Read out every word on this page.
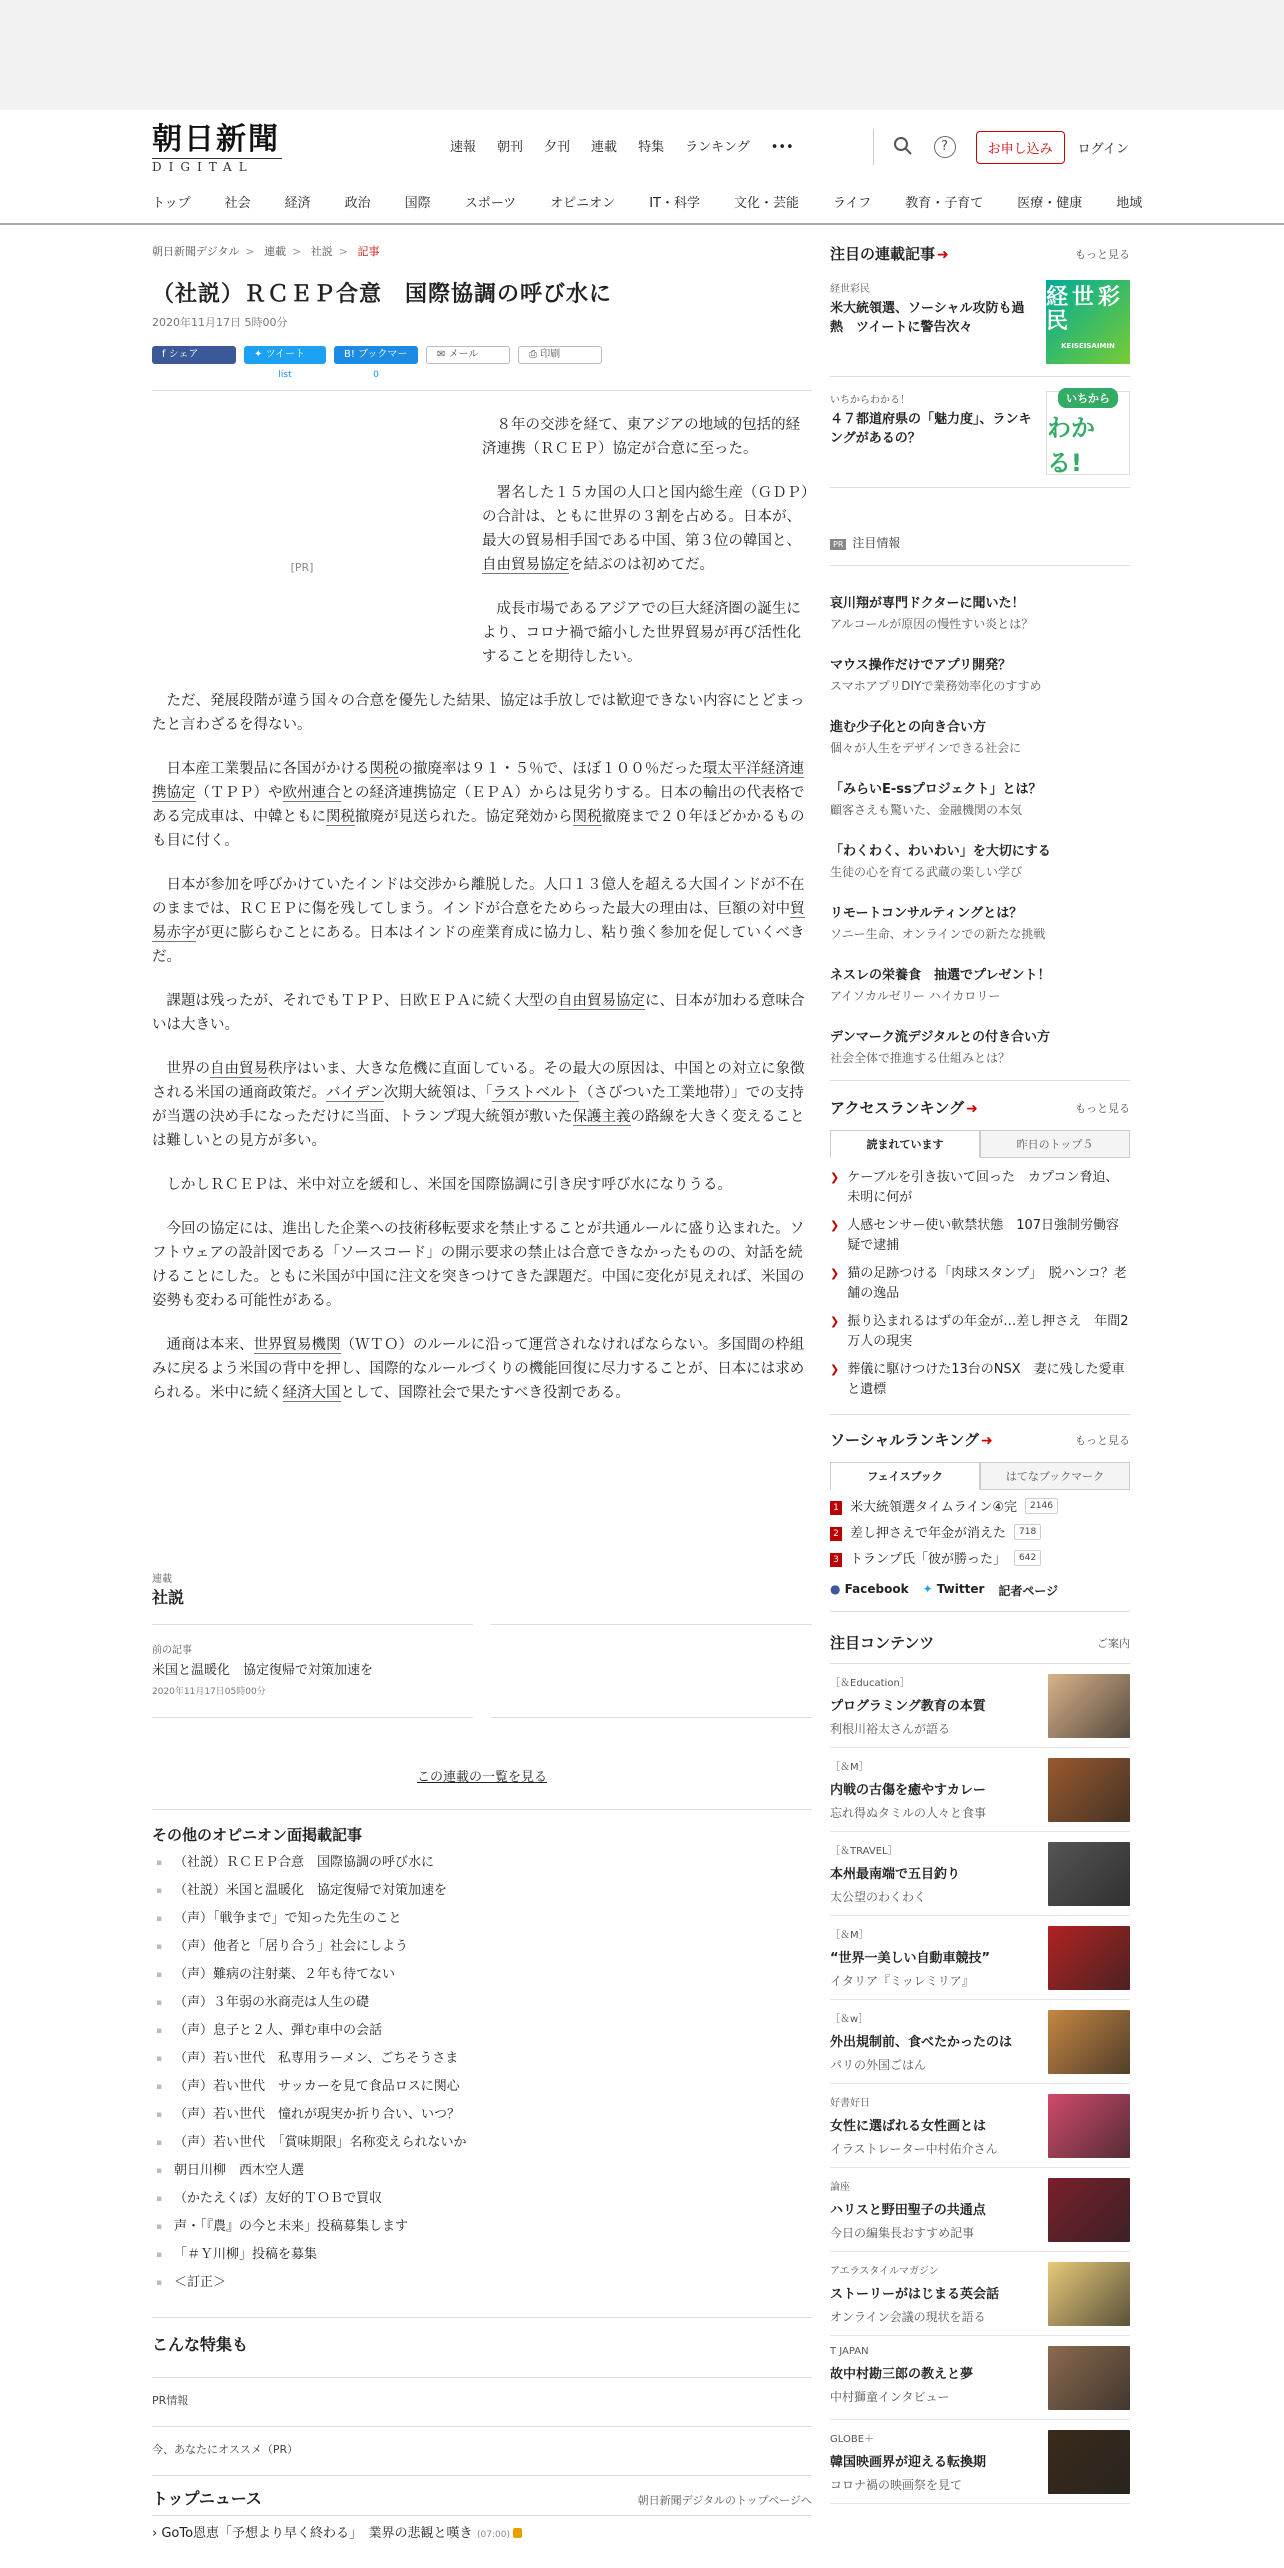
朝日新聞
DIGITAL
速報 朝刊 夕刊 連載 特集 ランキング •••	?	お申し込み	ログイン
トップ	社会	経済	政治	国際	スポーツ	オピニオン	IT・科学	文化・芸能	ライフ	教育・子育て	医療・健康	地域
朝日新聞デジタル > 連載 > 社説 > 記事
（社説）ＲＣＥＰ合意　国際協調の呼び水に
2020年11月17日 5時00分
f シェア	✦ ツイート
list
B! ブックマーク	0
✉ メール	⎙ 印刷
[PR]

８年の交渉を経て、東アジアの地域的包括的経済連携（ＲＣＥＰ）協定が合意に至った。

署名した１５カ国の人口と国内総生産（ＧＤＰ）の合計は、ともに世界の３割を占める。日本が、最大の貿易相手国である中国、第３位の韓国と、自由貿易協定を結ぶのは初めてだ。

成長市場であるアジアでの巨大経済圏の誕生により、コロナ禍で縮小した世界貿易が再び活性化することを期待したい。

ただ、発展段階が違う国々の合意を優先した結果、協定は手放しでは歓迎できない内容にとどまったと言わざるを得ない。

日本産工業製品に各国がかける関税の撤廃率は９１・５％で、ほぼ１００％だった環太平洋経済連携協定（ＴＰＰ）や欧州連合との経済連携協定（ＥＰＡ）からは見劣りする。日本の輸出の代表格である完成車は、中韓ともに関税撤廃が見送られた。協定発効から関税撤廃まで２０年ほどかかるものも目に付く。

日本が参加を呼びかけていたインドは交渉から離脱した。人口１３億人を超える大国インドが不在のままでは、ＲＣＥＰに傷を残してしまう。インドが合意をためらった最大の理由は、巨額の対中貿易赤字が更に膨らむことにある。日本はインドの産業育成に協力し、粘り強く参加を促していくべきだ。

課題は残ったが、それでもＴＰＰ、日欧ＥＰＡに続く大型の自由貿易協定に、日本が加わる意味合いは大きい。

世界の自由貿易秩序はいま、大きな危機に直面している。その最大の原因は、中国との対立に象徴される米国の通商政策だ。バイデン次期大統領は、「ラストベルト（さびついた工業地帯）」での支持が当選の決め手になっただけに当面、トランプ現大統領が敷いた保護主義の路線を大きく変えることは難しいとの見方が多い。

しかしＲＣＥＰは、米中対立を緩和し、米国を国際協調に引き戻す呼び水になりうる。

今回の協定には、進出した企業への技術移転要求を禁止することが共通ルールに盛り込まれた。ソフトウェアの設計図である「ソースコード」の開示要求の禁止は合意できなかったものの、対話を続けることにした。ともに米国が中国に注文を突きつけてきた課題だ。中国に変化が見えれば、米国の姿勢も変わる可能性がある。

通商は本来、世界貿易機関（ＷＴＯ）のルールに沿って運営されなければならない。多国間の枠組みに戻るよう米国の背中を押し、国際的なルールづくりの機能回復に尽力することが、日本には求められる。米中に続く経済大国として、国際社会で果たすべき役割である。

連載
社説
前の記事
米国と温暖化　協定復帰で対策加速を
2020年11月17日05時00分
この連載の一覧を見る
その他のオピニオン面掲載記事
▪ （社説）ＲＣＥＰ合意　国際協調の呼び水に
▪ （社説）米国と温暖化　協定復帰で対策加速を
▪ （声）「戦争まで」で知った先生のこと
▪ （声）他者と「居り合う」社会にしよう
▪ （声）難病の注射薬、２年も待てない
▪ （声）３年弱の氷商売は人生の礎
▪ （声）息子と２人、弾む車中の会話
▪ （声）若い世代　私専用ラーメン、ごちそうさま
▪ （声）若い世代　サッカーを見て食品ロスに関心
▪ （声）若い世代　憧れが現実か折り合い、いつ？
▪ （声）若い世代　「賞味期限」名称変えられないか
▪ 朝日川柳　西木空人選
▪ （かたえくぼ）友好的ＴＯＢで買収
▪ 声・「『農』の今と未来」投稿募集します
▪ 「＃Ｙ川柳」投稿を募集
▪ ＜訂正＞
こんな特集も
PR情報
今、あなたにオススメ（PR）
トップニュース	朝日新聞デジタルのトップページへ
› GoTo恩恵「予想より早く終わる」　業界の悲観と嘆き (07:00)
注目の連載記事 ➜	もっと見る
経世彩民
米大統領選、ソーシャル攻防も過熱　ツイートに警告次々
経世彩民
KEISEISAIMIN
いちからわかる！
４７都道府県の「魅力度」、ランキングがあるの？
いちから
わかる!
PR 注目情報
哀川翔が専門ドクターに聞いた！
アルコールが原因の慢性すい炎とは？
マウス操作だけでアプリ開発？
スマホアプリDIYで業務効率化のすすめ
進む少子化との向き合い方
個々が人生をデザインできる社会に
「みらいE-ssプロジェクト」とは？
顧客さえも驚いた、金融機関の本気
「わくわく、わいわい」を大切にする
生徒の心を育てる武蔵の楽しい学び
リモートコンサルティングとは？
ソニー生命、オンラインでの新たな挑戦
ネスレの栄養食　抽選でプレゼント！
アイソカルゼリー ハイカロリー
デンマーク流デジタルとの付き合い方
社会全体で推進する仕組みとは？
アクセスランキング ➜	もっと見る
読まれています	昨日のトップ５
❯ ケーブルを引き抜いて回った　カプコン脅迫、未明に何が
❯ 人感センサー使い軟禁状態　107日強制労働容疑で逮捕
❯ 猫の足跡つける「肉球スタンプ」　脱ハンコ？老舗の逸品
❯ 振り込まれるはずの年金が…差し押さえ　年間2万人の現実
❯ 葬儀に駆けつけた13台のNSX　妻に残した愛車と遺標
ソーシャルランキング ➜	もっと見る
フェイスブック	はてなブックマーク
1 米大統領選タイムライン④完	2146
2 差し押さえで年金が消えた	718
3 トランプ氏「彼が勝った」	642
● Facebook ✦ Twitter 記者ページ
注目コンテンツ	ご案内
［＆Education］
プログラミング教育の本質
利根川裕太さんが語る
［＆M］
内戦の古傷を癒やすカレー
忘れ得ぬタミルの人々と食事
［＆TRAVEL］
本州最南端で五目釣り
太公望のわくわく
［＆M］
“世界一美しい自動車競技”
イタリア『ミッレミリア』
［＆w］
外出規制前、食べたかったのは
パリの外国ごはん
好書好日
女性に選ばれる女性画とは
イラストレーター中村佑介さん
論座
ハリスと野田聖子の共通点
今日の編集長おすすめ記事
アエラスタイルマガジン
ストーリーがはじまる英会話
オンライン会議の現状を語る
T JAPAN
故中村勘三郎の教えと夢
中村獅童インタビュー
GLOBE＋
韓国映画界が迎える転換期
コロナ禍の映画祭を見て
